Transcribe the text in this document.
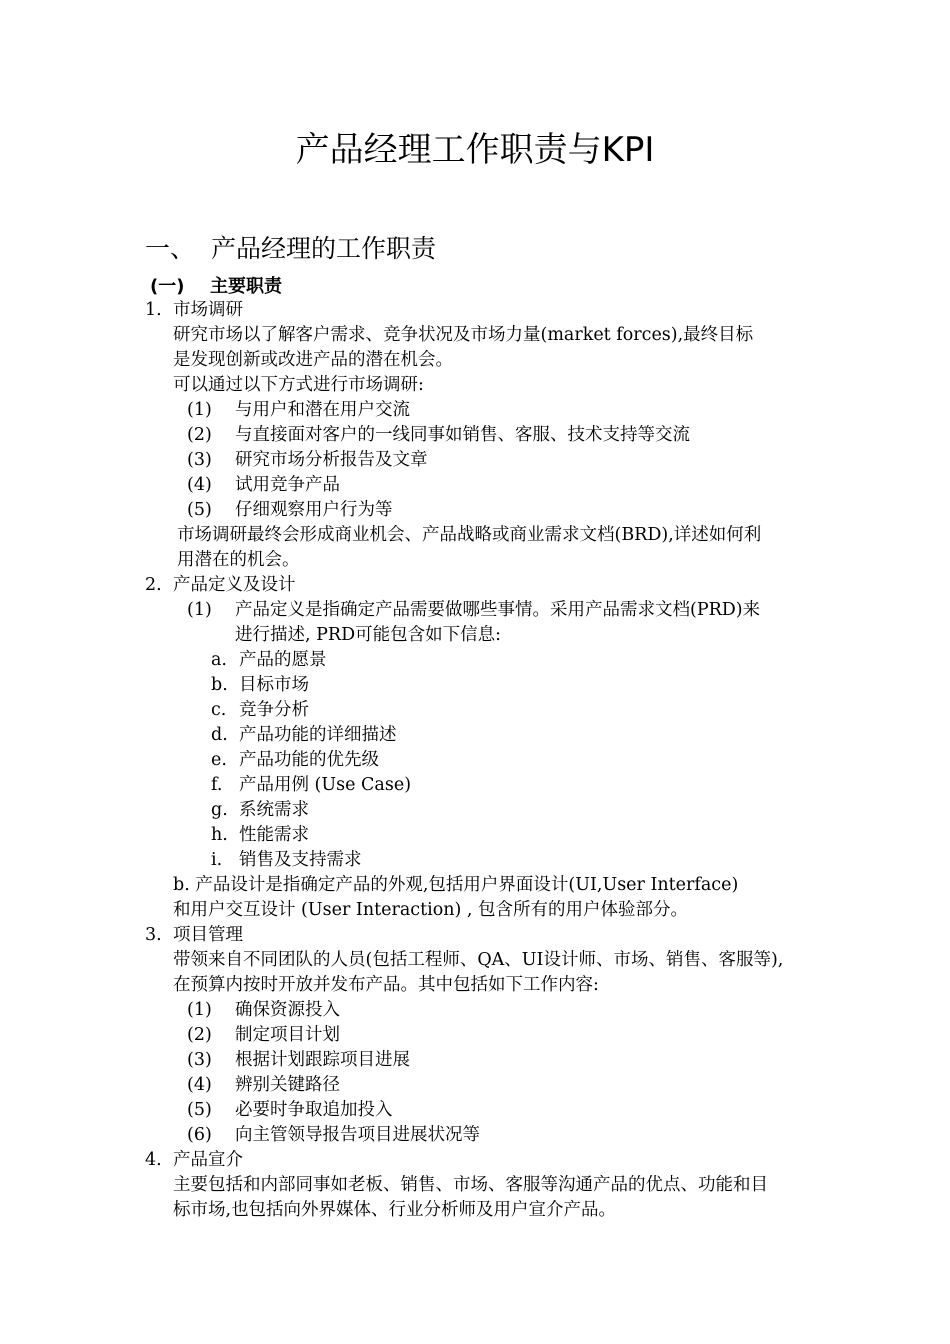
产品经理工作职责与KPI
一、 产品经理的工作职责
(一) 主要职责
1. 市场调研
研究市场以了解客户需求、竞争状况及市场力量(market forces),最终目标
是发现创新或改进产品的潜在机会。
可以通过以下方式进行市场调研:
(1) 与用户和潜在用户交流
(2) 与直接面对客户的一线同事如销售、客服、技术支持等交流
(3) 研究市场分析报告及文章
(4) 试用竞争产品
(5) 仔细观察用户行为等
市场调研最终会形成商业机会、产品战略或商业需求文档(BRD),详述如何利
用潜在的机会。
2. 产品定义及设计
(1) 产品定义是指确定产品需要做哪些事情。采用产品需求文档(PRD)来
进行描述, PRD可能包含如下信息:
a. 产品的愿景
b. 目标市场
c. 竞争分析
d. 产品功能的详细描述
e. 产品功能的优先级
f. 产品用例 (Use Case)
g. 系统需求
h. 性能需求
i. 销售及支持需求
b. 产品设计是指确定产品的外观,包括用户界面设计(UI,User Interface)
和用户交互设计 (User Interaction) , 包含所有的用户体验部分。
3. 项目管理
带领来自不同团队的人员(包括工程师、QA、UI设计师、市场、销售、客服等),
在预算内按时开放并发布产品。其中包括如下工作内容:
(1) 确保资源投入
(2) 制定项目计划
(3) 根据计划跟踪项目进展
(4) 辨别关键路径
(5) 必要时争取追加投入
(6) 向主管领导报告项目进展状况等
4. 产品宣介
主要包括和内部同事如老板、销售、市场、客服等沟通产品的优点、功能和目
标市场,也包括向外界媒体、行业分析师及用户宣介产品。
